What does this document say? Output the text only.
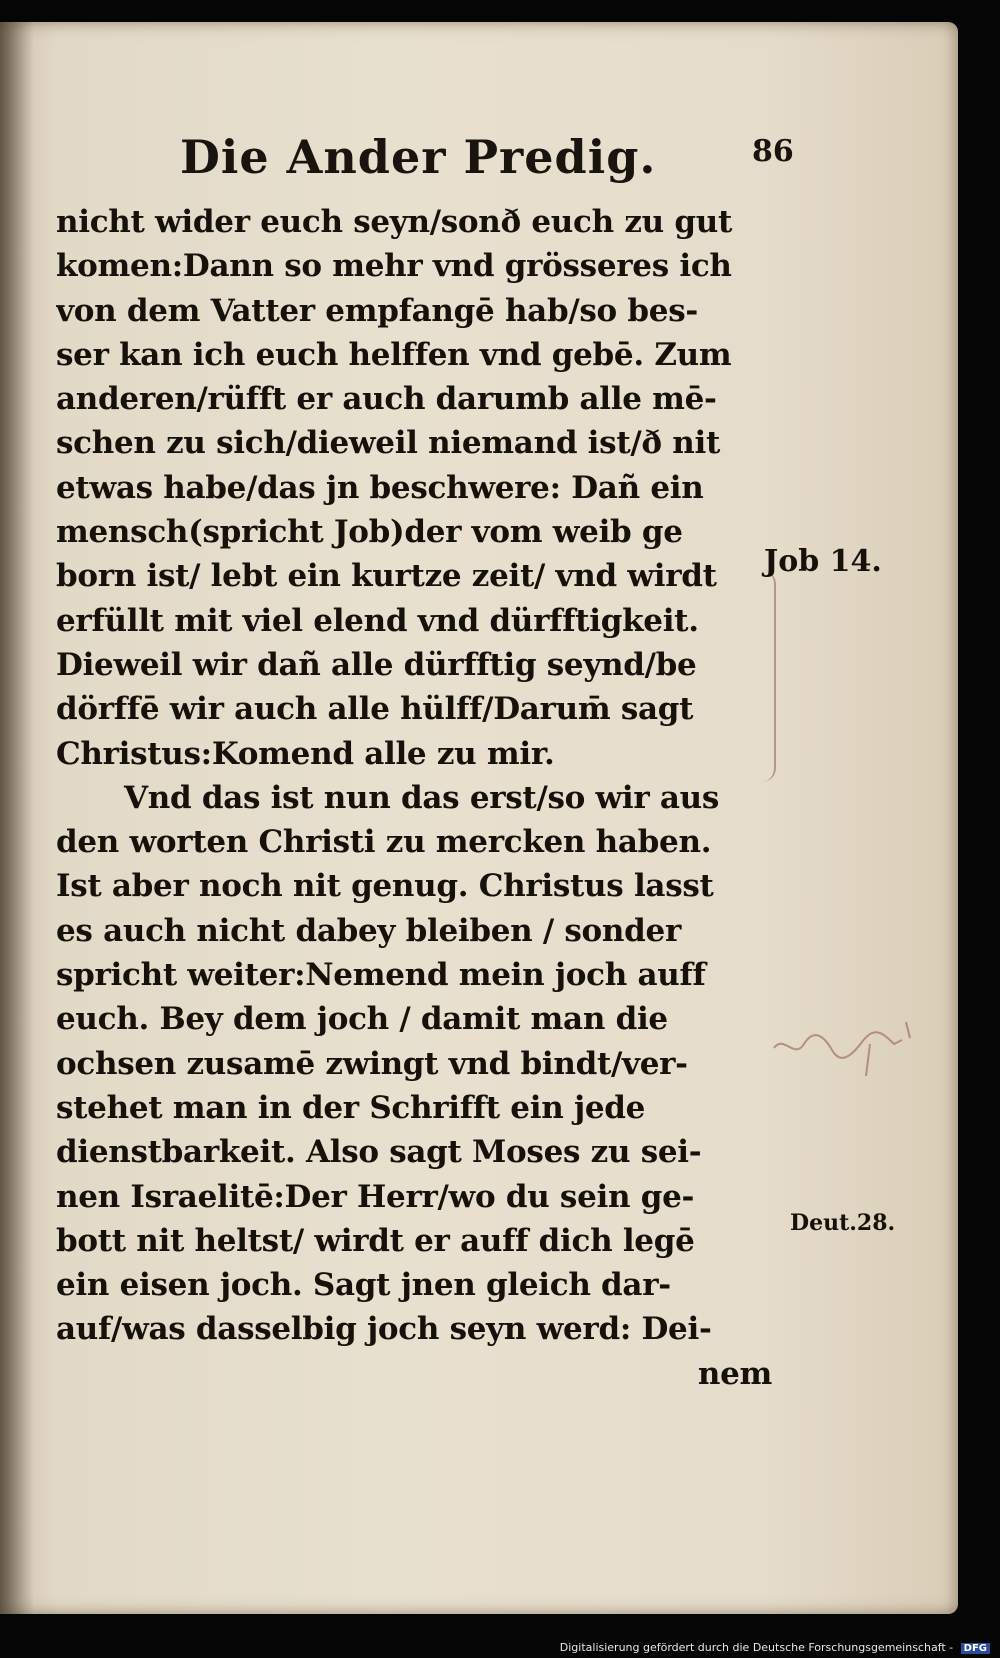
Die Ander Predig.	86
nicht wider euch seyn/sonð euch zu gut
komen:Dann so mehr vnd grösseres ich
von dem Vatter empfangē hab/so bes-
ser kan ich euch helffen vnd gebē. Zum
anderen/rüfft er auch darumb alle mē-
schen zu sich/dieweil niemand ist/ð nit
etwas habe/das jn beschwere: Dañ ein
mensch(spricht Job)der vom weib ge
born ist/ lebt ein kurtze zeit/ vnd wirdt
erfüllt mit viel elend vnd dürfftigkeit.
Dieweil wir dañ alle dürfftig seynd/be
dörffē wir auch alle hülff/Darum̄ sagt
Christus:Komend alle zu mir.
Vnd das ist nun das erst/so wir aus
den worten Christi zu mercken haben.
Ist aber noch nit genug. Christus lasst
es auch nicht dabey bleiben / sonder
spricht weiter:Nemend mein joch auff
euch. Bey dem joch / damit man die
ochsen zusamē zwingt vnd bindt/ver-
stehet man in der Schrifft ein jede
dienstbarkeit. Also sagt Moses zu sei-
nen Israelitē:Der Herr/wo du sein ge-
bott nit heltst/ wirdt er auff dich legē
ein eisen joch. Sagt jnen gleich dar-
auf/was dasselbig joch seyn werd: Dei-
nem
Job 14.
Deut.28.
Digitalisierung gefördert durch die Deutsche Forschungsgemeinschaft - DFG
